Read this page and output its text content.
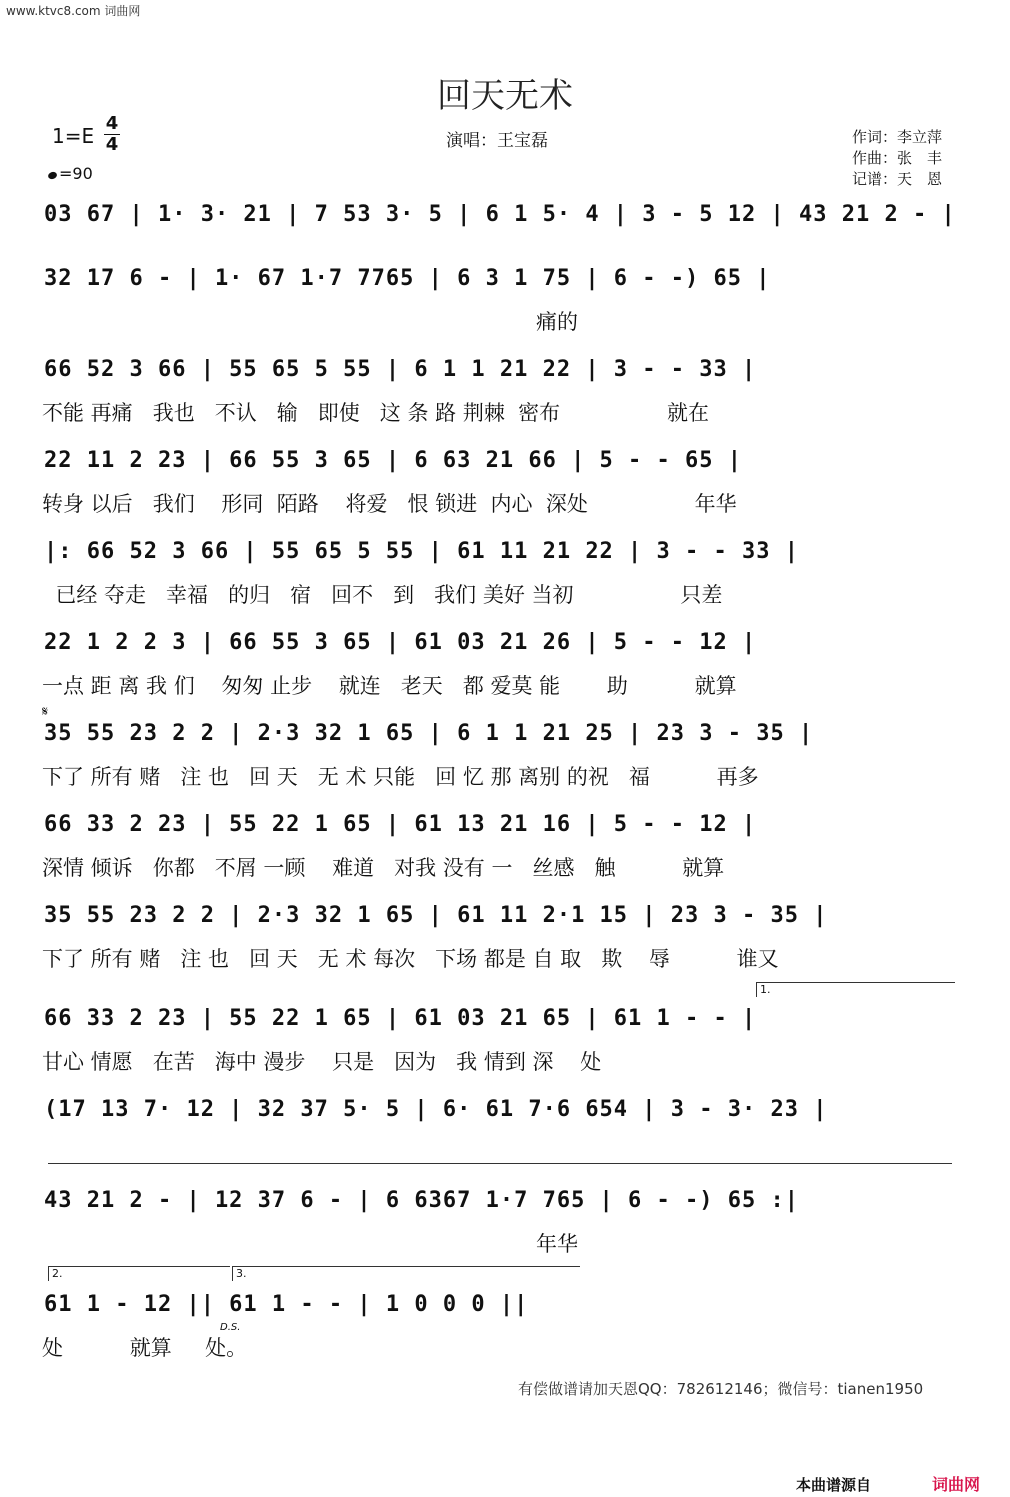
www.ktvc8.com 词曲网
回天无术
1=E
4
4
=90
演唱：王宝磊	作词：李立萍
作曲：张　丰
记谱：天　恩
03 67 | 1· 3· 21 | 7 53 3· 5 | 6 1 5· 4 | 3 - 5 12 | 43 21 2 - |
32 17 6 - | 1· 67 1·7 7765 | 6 3 1 75 | 6 - -) 65 |
痛的
66 52 3 66 | 55 65 5 55 | 6 1 1 21 22 | 3 - - 33 |
不能 再痛   我也   不认   输   即使   这 条 路 荆棘  密布                就在
22 11 2 23 | 66 55 3 65 | 6 63 21 66 | 5 - - 65 |
转身 以后   我们    形同  陌路    将爱   恨 锁进  内心  深处                年华
|: 66 52 3 66 | 55 65 5 55 | 61 11 21 22 | 3 - - 33 |
已经 夺走   幸福   的归   宿   回不   到   我们 美好 当初                只差
22 1 2 2 3 | 66 55 3 65 | 61 03 21 26 | 5 - - 12 |
一点 距 离 我 们    匆匆 止步    就连   老天   都 爱莫 能       助          就算
𝄋
35 55 23 2 2 | 2·3 32 1 65 | 6 1 1 21 25 | 23 3 - 35 |
下了 所有 赌   注 也   回 天   无 术 只能   回 忆 那 离别 的祝   福          再多
66 33 2 23 | 55 22 1 65 | 61 13 21 16 | 5 - - 12 |
深情 倾诉   你都   不屑 一顾    难道   对我 没有 一   丝感   触          就算
35 55 23 2 2 | 2·3 32 1 65 | 61 11 2·1 15 | 23 3 - 35 |
下了 所有 赌   注 也   回 天   无 术 每次   下场 都是 自 取   欺    辱          谁又
1.
66 33 2 23 | 55 22 1 65 | 61 03 21 65 | 61 1 - - |
甘心 情愿   在苦   海中 漫步    只是   因为   我 情到 深    处
(17 13 7· 12 | 32 37 5· 5 | 6· 61 7·6 654 | 3 - 3· 23 |
43 21 2 - | 12 37 6 - | 6 6367 1·7 765 | 6 - -) 65 :|
年华
2.	3.
61 1 - 12 || 61 1 - - | 1 0 0 0 ||
D.S.
处          就算     处。
有偿做谱请加天恩QQ：782612146；微信号：tianen1950
本曲谱源自	词曲网
